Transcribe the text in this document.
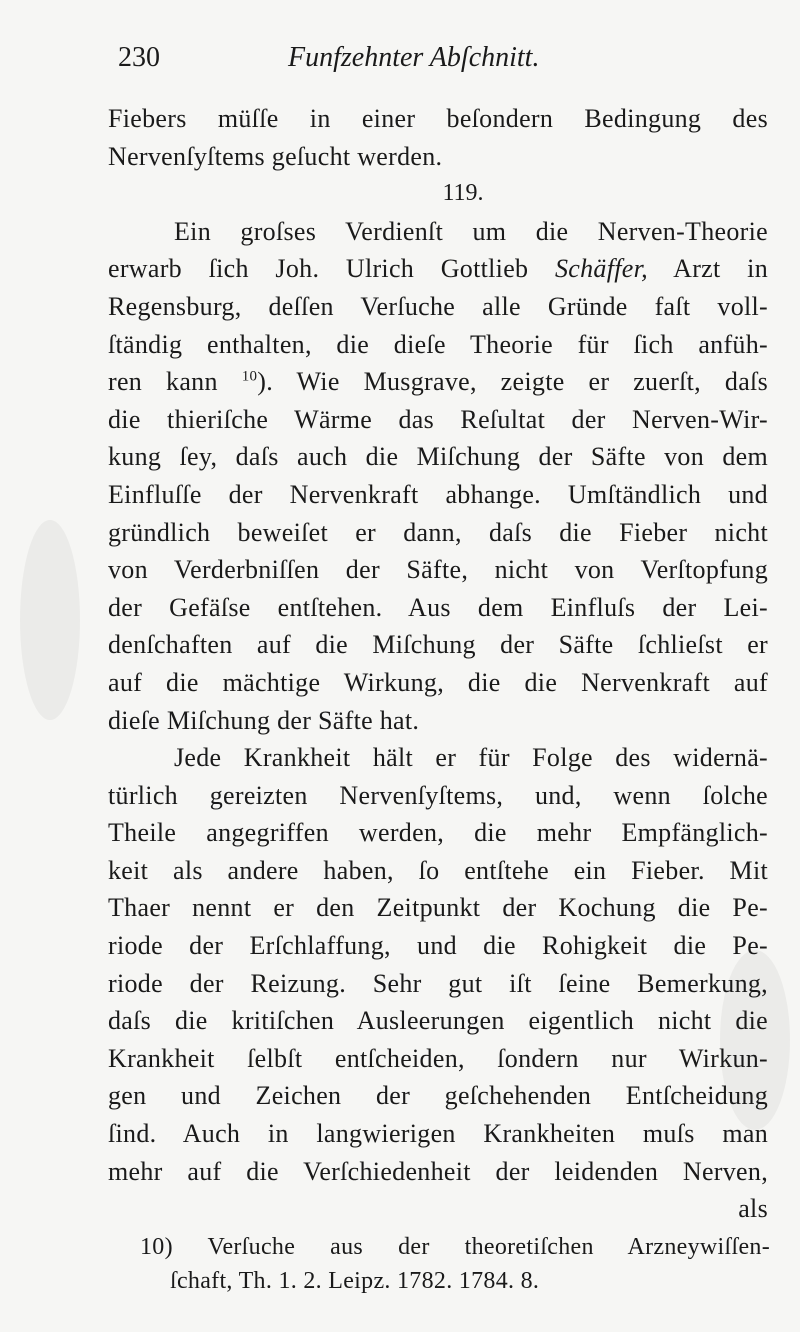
230	Funfzehnter Abſchnitt.
Fiebers müſſe in einer beſondern Bedingung des
Nervenſyſtems geſucht werden.
119.
Ein groſses Verdienſt um die Nerven-Theorie
erwarb ſich Joh. Ulrich Gottlieb Schäffer, Arzt in
Regensburg, deſſen Verſuche alle Gründe faſt voll-
ſtändig enthalten, die dieſe Theorie für ſich anfüh-
ren kann $^{10}$). Wie Musgrave, zeigte er zuerſt, daſs
die thieriſche Wärme das Reſultat der Nerven-Wir-
kung ſey, daſs auch die Miſchung der Säfte von dem
Einfluſſe der Nervenkraft abhange. Umſtändlich und
gründlich beweiſet er dann, daſs die Fieber nicht
von Verderbniſſen der Säfte, nicht von Verſtopfung
der Gefäſse entſtehen. Aus dem Einfluſs der Lei-
denſchaften auf die Miſchung der Säfte ſchlieſst er
auf die mächtige Wirkung, die die Nervenkraft auf
dieſe Miſchung der Säfte hat.
Jede Krankheit hält er für Folge des widernä-
türlich gereizten Nervenſyſtems, und, wenn ſolche
Theile angegriffen werden, die mehr Empfänglich-
keit als andere haben, ſo entſtehe ein Fieber. Mit
Thaer nennt er den Zeitpunkt der Kochung die Pe-
riode der Erſchlaffung, und die Rohigkeit die Pe-
riode der Reizung. Sehr gut iſt ſeine Bemerkung,
daſs die kritiſchen Ausleerungen eigentlich nicht die
Krankheit ſelbſt entſcheiden, ſondern nur Wirkun-
gen und Zeichen der geſchehenden Entſcheidung
ſind. Auch in langwierigen Krankheiten muſs man
mehr auf die Verſchiedenheit der leidenden Nerven,
als
10) Verſuche aus der theoretiſchen Arzneywiſſen-
ſchaft, Th. 1. 2. Leipz. 1782. 1784. 8.
